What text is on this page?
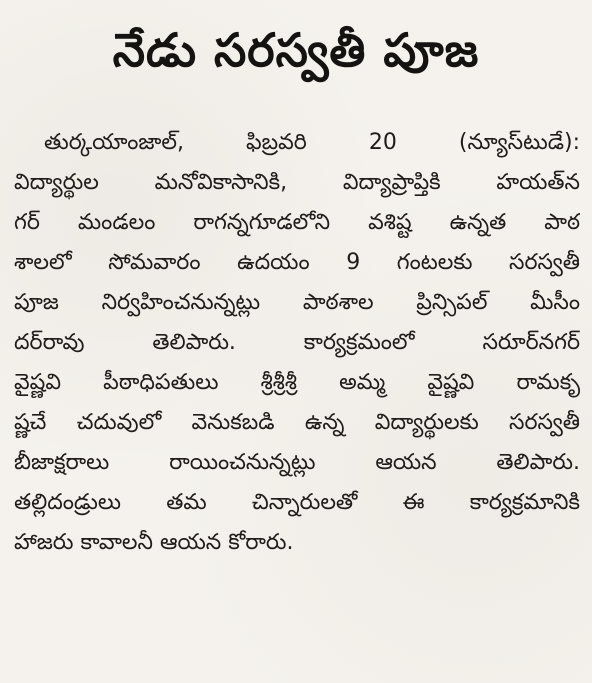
నేడు సరస్వతీ పూజ
తుర్కయాంజాల్, ఫిబ్రవరి 20 (న్యూస్‌టుడే):
విద్యార్థుల మనోవికాసానికి, విద్యాప్రాప్తికి హయత్‌న
గర్ మండలం రాగన్నగూడలోని వశిష్ట ఉన్నత పాఠ
శాలలో సోమవారం ఉదయం 9 గంటలకు సరస్వతీ
పూజ నిర్వహించనున్నట్లు పాఠశాల ప్రిన్సిపల్ మీసీం
దర్‌రావు తెలిపారు. కార్యక్రమంలో సరూర్‌నగర్
వైష్ణవి పీఠాధిపతులు శ్రీశ్రీశ్రీ అమ్మ వైష్ణవి రామకృ
ష్ణచే చదువులో వెనుకబడి ఉన్న విద్యార్థులకు సరస్వతీ
బీజాక్షరాలు రాయించనున్నట్లు ఆయన తెలిపారు.
తల్లిదండ్రులు తమ చిన్నారులతో ఈ కార్యక్రమానికి
హాజరు కావాలనీ ఆయన కోరారు.
